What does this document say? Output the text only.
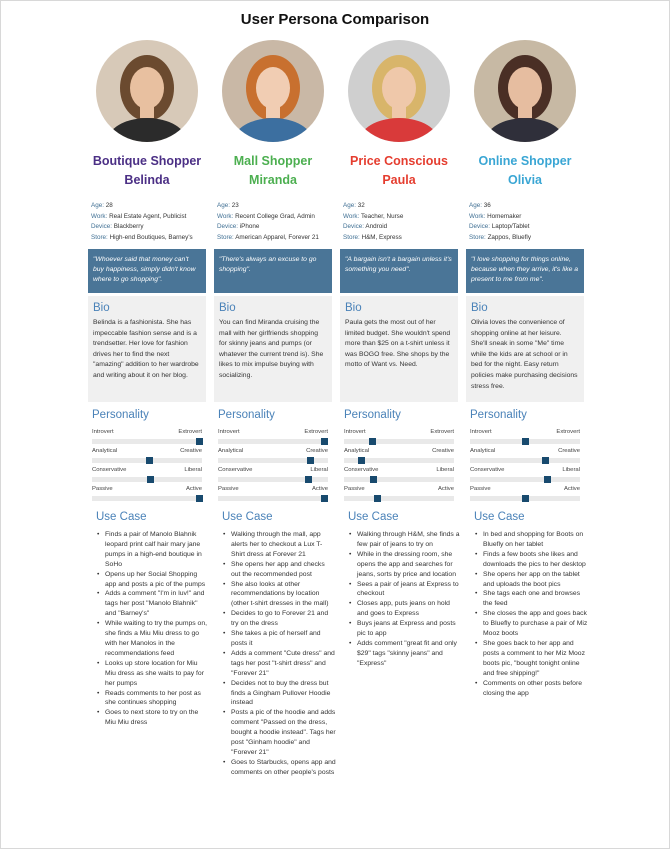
User Persona Comparison
Boutique Shopper
Belinda
Age: 28
Work: Real Estate Agent, Publicist
Device: Blackberry
Store: High-end Boutiques, Barney's
"Whoever said that money can't buy happiness, simply didn't know where to go shopping".
Bio
Belinda is a fashionista. She has impeccable fashion sense and is a trendsetter. Her love for fashion drives her to find the next "amazing" addition to her wardrobe and writing about it on her blog.
Personality
Introvert	Extrovert
Analytical	Creative
Conservative	Liberal
Passive	Active
Use Case
• Finds a pair of Manolo Blahnik leopard print calf hair mary jane pumps in a high-end boutique in SoHo
• Opens up her Social Shopping app and posts a pic of the pumps
• Adds a comment "I'm in luv!" and tags her post "Manolo Blahnik" and "Barney's"
• While waiting to try the pumps on, she finds a Miu Miu dress to go with her Manolos in the recommendations feed
• Looks up store location for Miu Miu dress as she waits to pay for her pumps
• Reads comments to her post as she continues shopping
• Goes to next store to try on the Miu Miu dress
Mall Shopper
Miranda
Age: 23
Work: Recent College Grad, Admin
Device: iPhone
Store: American Apparel, Forever 21
"There's always an excuse to go shopping".
Bio
You can find Miranda cruising the mall with her girlfriends shopping for skinny jeans and pumps (or whatever the current trend is). She likes to mix impulse buying with socializing.
Personality
Introvert	Extrovert
Analytical	Creative
Conservative	Liberal
Passive	Active
Use Case
• Walking through the mall, app alerts her to checkout a Lux T-Shirt dress at Forever 21
• She opens her app and checks out the recommended post
• She also looks at other recommendations by location (other t-shirt dresses in the mall)
• Decides to go to Forever 21 and try on the dress
• She takes a pic of herself and posts it
• Adds a comment "Cute dress" and tags her post "t-shirt dress" and "Forever 21"
• Decides not to buy the dress but finds a Gingham Pullover Hoodie instead
• Posts a pic of the hoodie and adds comment "Passed on the dress, bought a hoodie instead". Tags her post "Ginham hoodie" and "Forever 21"
• Goes to Starbucks, opens app and comments on other people's posts
Price Conscious
Paula
Age: 32
Work: Teacher, Nurse
Device: Android
Store: H&M, Express
"A bargain isn't a bargain unless it's something you need".
Bio
Paula gets the most out of her limited budget. She wouldn't spend more than $25 on a t-shirt unless it was BOGO free. She shops by the motto of Want vs. Need.
Personality
Introvert	Extrovert
Analytical	Creative
Conservative	Liberal
Passive	Active
Use Case
• Walking through H&M, she finds a few pair of jeans to try on
• While in the dressing room, she opens the app and searches for jeans, sorts by price and location
• Sees a pair of jeans at Express to checkout
• Closes app, puts jeans on hold and goes to Express
• Buys jeans at Express and posts pic to app
• Adds comment "great fit and only $29" tags "skinny jeans" and "Express"
Online Shopper
Olivia
Age: 36
Work: Homemaker
Device: Laptop/Tablet
Store: Zappos, Bluefly
"I love shopping for things online, because when they arrive, it's like a present to me from me".
Bio
Olivia loves the convenience of shopping online at her leisure. She'll sneak in some "Me" time while the kids are at school or in bed for the night. Easy return policies make purchasing decisions stress free.
Personality
Introvert	Extrovert
Analytical	Creative
Conservative	Liberal
Passive	Active
Use Case
• In bed and shopping for Boots on Bluefly on her tablet
• Finds a few boots she likes and downloads the pics to her desktop
• She opens her app on the tablet and uploads the boot pics
• She tags each one and browses the feed
• She closes the app and goes back to Bluefly to purchase a pair of Miz Mooz boots
• She goes back to her app and posts a comment to her Miz Mooz boots pic, "bought tonight online and free shipping!"
• Comments on other posts before closing the app
